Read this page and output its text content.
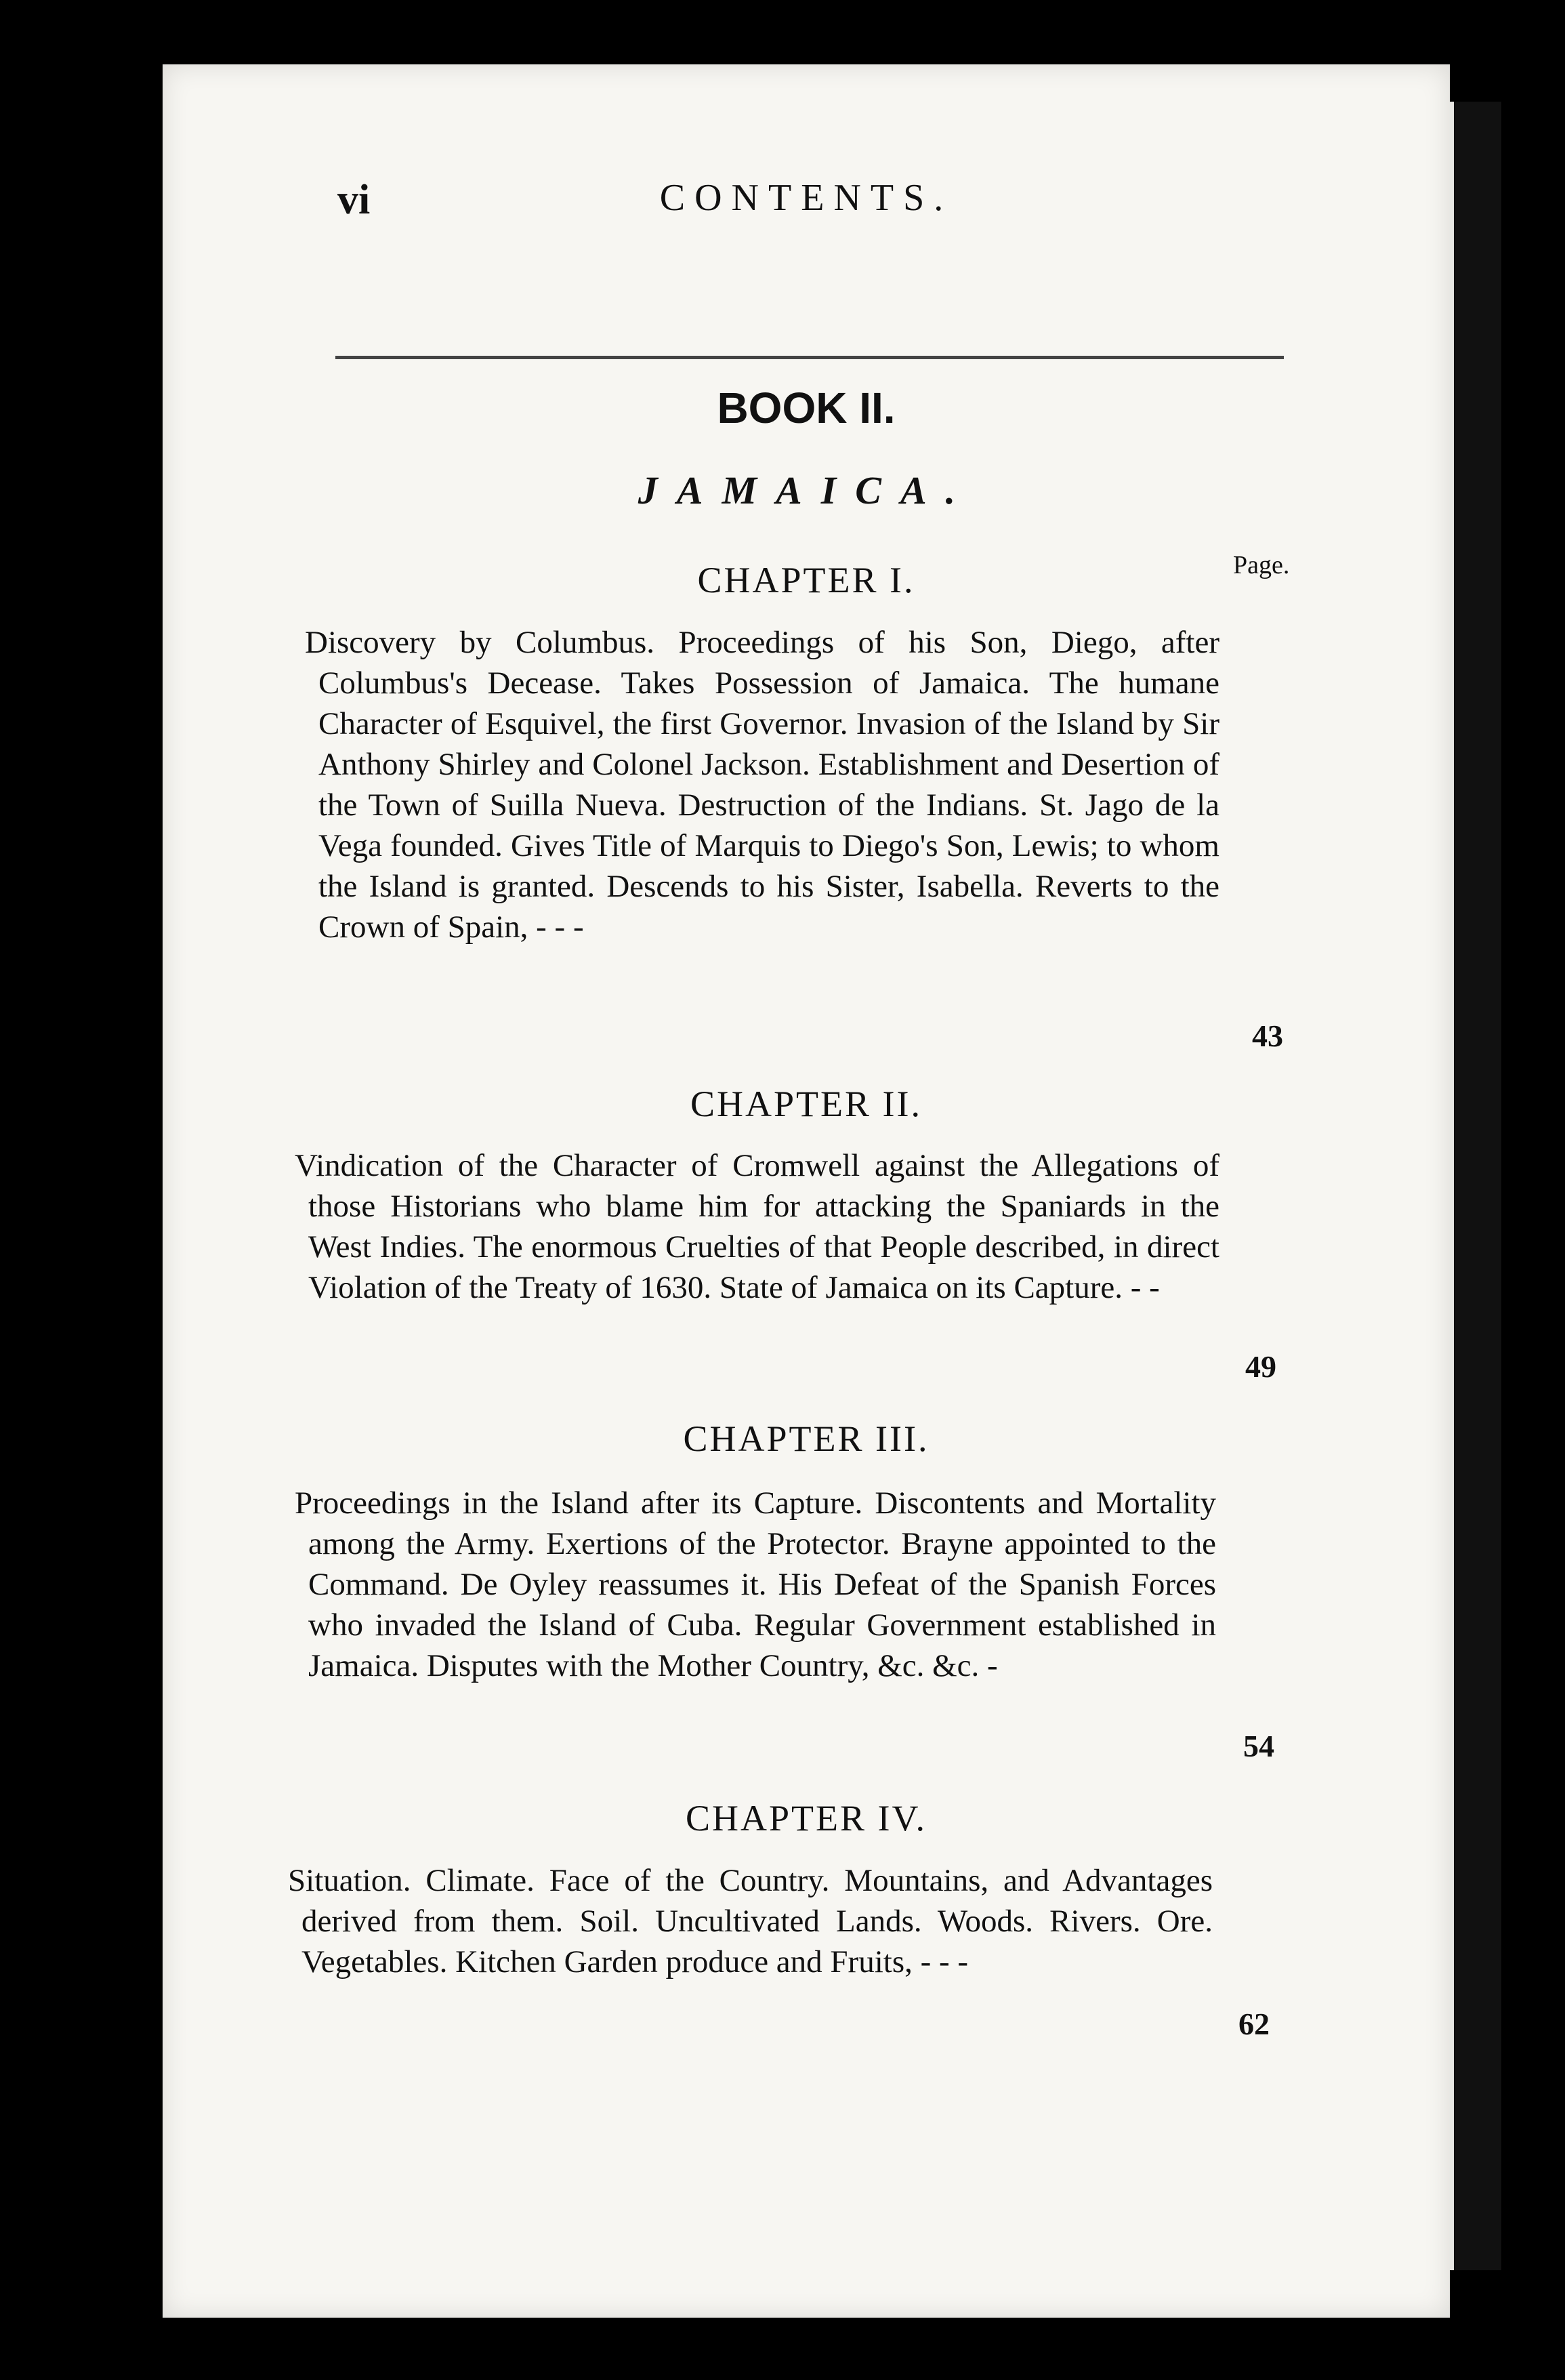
vi	CONTENTS.
BOOK II.
JAMAICA.
Page.
CHAPTER I.
Discovery by Columbus. Proceedings of his Son, Diego, after Columbus's Decease. Takes Possession of Jamaica. The humane Character of Esquivel, the first Governor. Invasion of the Island by Sir Anthony Shirley and Colonel Jackson. Establishment and Desertion of the Town of Suilla Nueva. Destruction of the Indians. St. Jago de la Vega founded. Gives Title of Marquis to Diego's Son, Lewis; to whom the Island is granted. Descends to his Sister, Isabella. Reverts to the Crown of Spain, - - -
43
CHAPTER II.
Vindication of the Character of Cromwell against the Allegations of those Historians who blame him for attacking the Spaniards in the West Indies. The enormous Cruelties of that People described, in direct Violation of the Treaty of 1630. State of Jamaica on its Capture. - -
49
CHAPTER III.
Proceedings in the Island after its Capture. Discontents and Mortality among the Army. Exertions of the Protector. Brayne appointed to the Command. De Oyley reassumes it. His Defeat of the Spanish Forces who invaded the Island of Cuba. Regular Government established in Jamaica. Disputes with the Mother Country, &c. &c. -
54
CHAPTER IV.
Situation. Climate. Face of the Country. Mountains, and Advantages derived from them. Soil. Uncultivated Lands. Woods. Rivers. Ore. Vegetables. Kitchen Garden produce and Fruits, - - -
62
